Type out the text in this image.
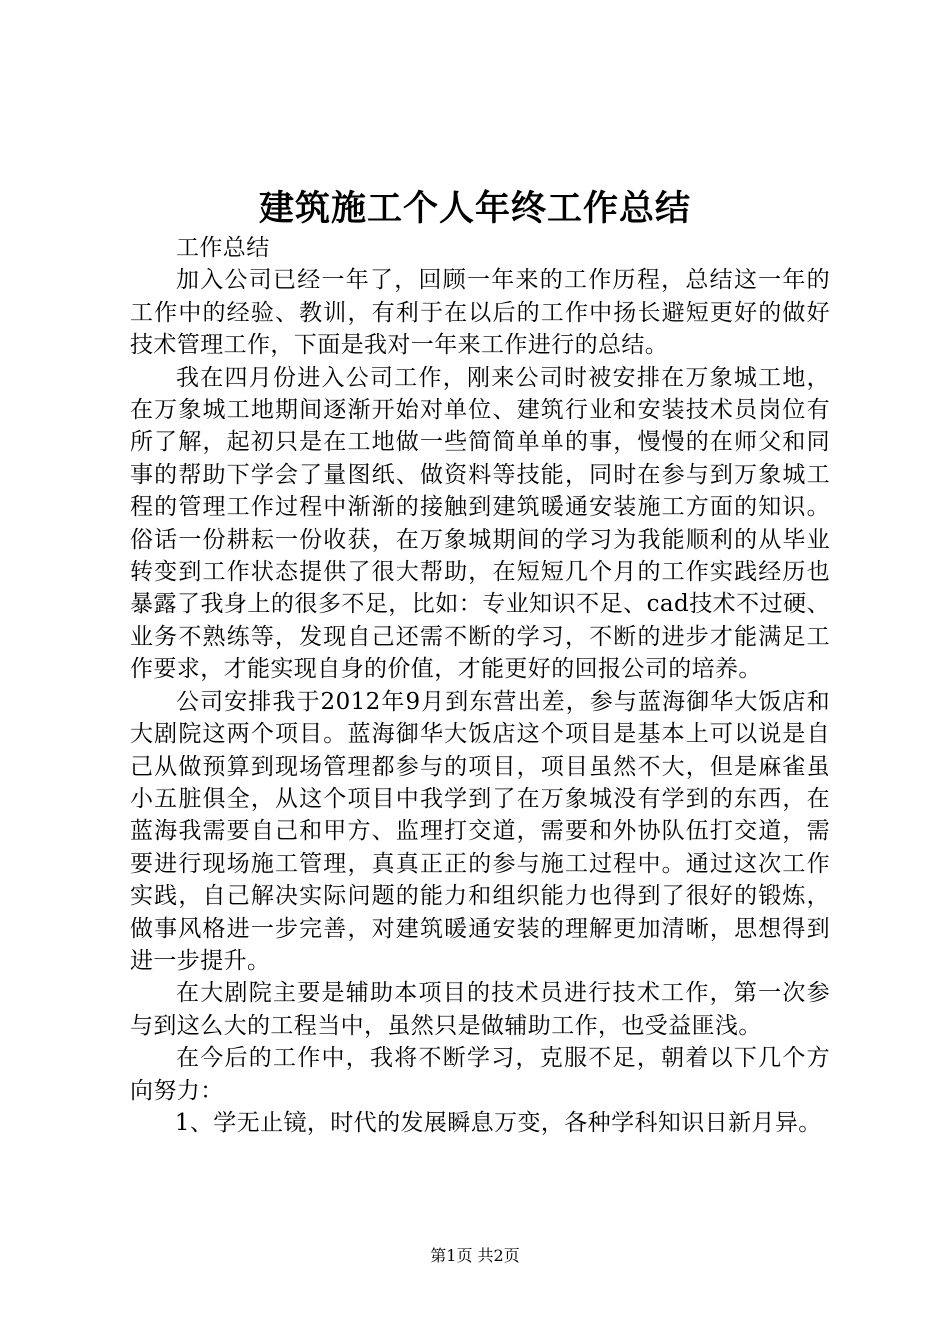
建筑施工个人年终工作总结

工作总结

加入公司已经一年了，回顾一年来的工作历程，总结这一年的工作中的经验、教训，有利于在以后的工作中扬长避短更好的做好技术管理工作，下面是我对一年来工作进行的总结。

我在四月份进入公司工作，刚来公司时被安排在万象城工地，在万象城工地期间逐渐开始对单位、建筑行业和安装技术员岗位有所了解，起初只是在工地做一些简简单单的事，慢慢的在师父和同事的帮助下学会了量图纸、做资料等技能，同时在参与到万象城工程的管理工作过程中渐渐的接触到建筑暖通安装施工方面的知识。俗话一份耕耘一份收获，在万象城期间的学习为我能顺利的从毕业转变到工作状态提供了很大帮助，在短短几个月的工作实践经历也暴露了我身上的很多不足，比如：专业知识不足、cad技术不过硬、业务不熟练等，发现自己还需不断的学习，不断的进步才能满足工作要求，才能实现自身的价值，才能更好的回报公司的培养。

公司安排我于2012年9月到东营出差，参与蓝海御华大饭店和大剧院这两个项目。蓝海御华大饭店这个项目是基本上可以说是自己从做预算到现场管理都参与的项目，项目虽然不大，但是麻雀虽小五脏俱全，从这个项目中我学到了在万象城没有学到的东西，在蓝海我需要自己和甲方、监理打交道，需要和外协队伍打交道，需要进行现场施工管理，真真正正的参与施工过程中。通过这次工作实践，自己解决实际问题的能力和组织能力也得到了很好的锻炼，做事风格进一步完善，对建筑暖通安装的理解更加清晰，思想得到进一步提升。

在大剧院主要是辅助本项目的技术员进行技术工作，第一次参与到这么大的工程当中，虽然只是做辅助工作，也受益匪浅。

在今后的工作中，我将不断学习，克服不足，朝着以下几个方向努力：

1、学无止镜，时代的发展瞬息万变，各种学科知识日新月异。

第1页 共2页
